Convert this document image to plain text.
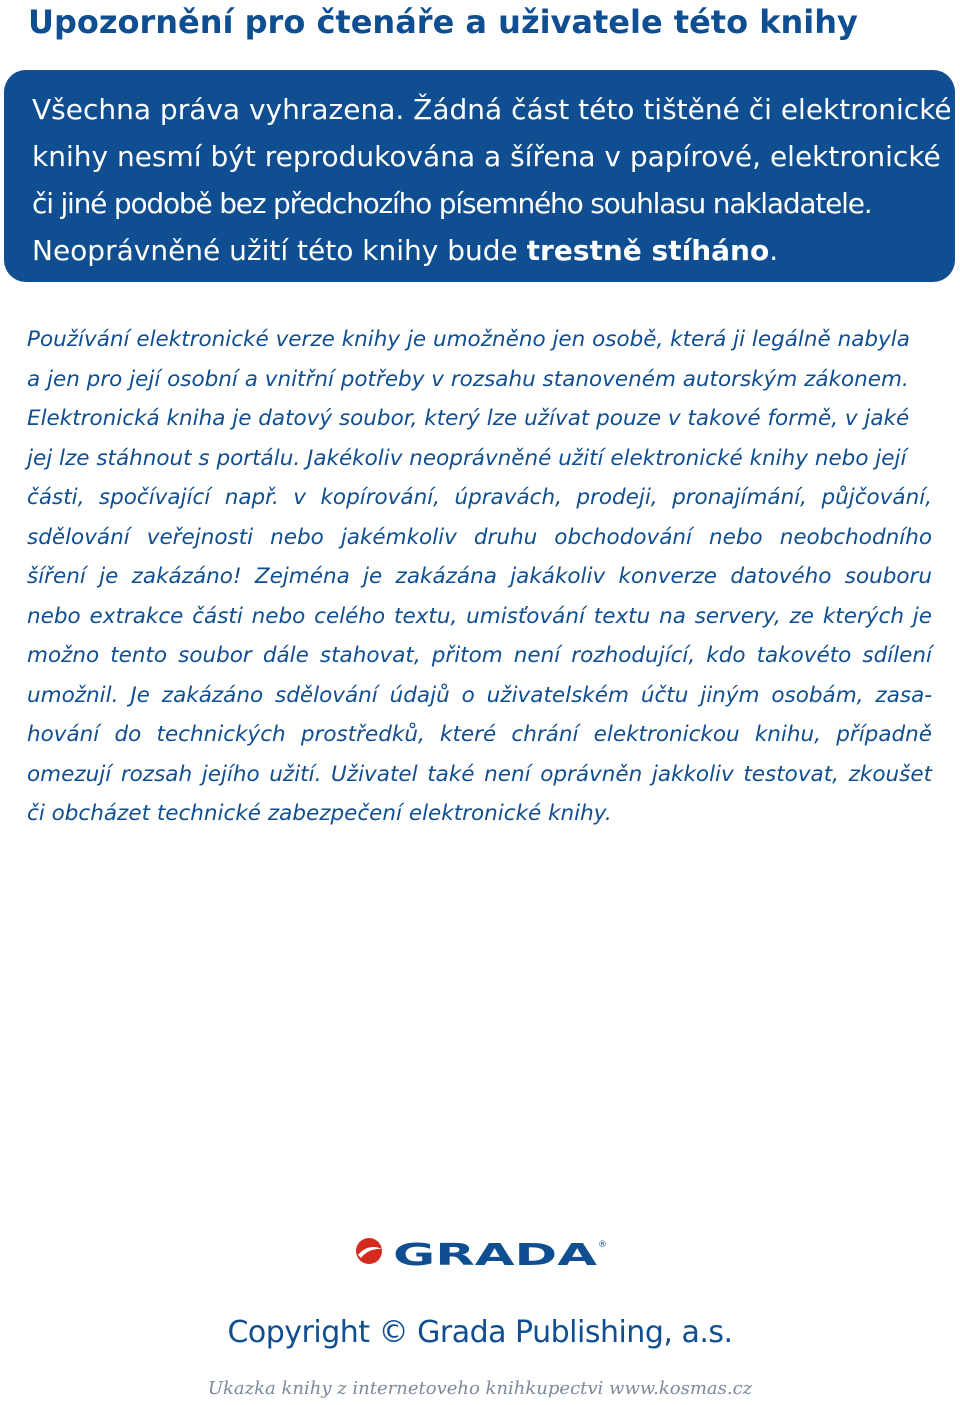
Upozornění pro čtenáře a uživatele této knihy
Všechna práva vyhrazena. Žádná část této tištěné či elektronické
knihy nesmí být reprodukována a šířena v papírové, elektronické
či jiné podobě bez předchozího písemného souhlasu nakladatele.
Neoprávněné užití této knihy bude trestně stíháno.
Používání elektronické verze knihy je umožněno jen osobě, která ji legálně nabyla
a jen pro její osobní a vnitřní potřeby v rozsahu stanoveném autorským zákonem.
Elektronická kniha je datový soubor, který lze užívat pouze v takové formě, v jaké
jej lze stáhnout s portálu. Jakékoliv neoprávněné užití elektronické knihy nebo její
části, spočívající např. v kopírování, úpravách, prodeji, pronajímání, půjčování,
sdělování veřejnosti nebo jakémkoliv druhu obchodování nebo neobchodního
šíření je zakázáno! Zejména je zakázána jakákoliv konverze datového souboru
nebo extrakce části nebo celého textu, umisťování textu na servery, ze kterých je
možno tento soubor dále stahovat, přitom není rozhodující, kdo takovéto sdílení
umožnil. Je zakázáno sdělování údajů o uživatelském účtu jiným osobám, zasa-
hování do technických prostředků, které chrání elektronickou knihu, případně
omezují rozsah jejího užití. Uživatel také není oprávněn jakkoliv testovat, zkoušet
či obcházet technické zabezpečení elektronické knihy.
GRADA ®
Copyright © Grada Publishing, a.s.
Ukazka knihy z internetoveho knihkupectvi www.kosmas.cz
